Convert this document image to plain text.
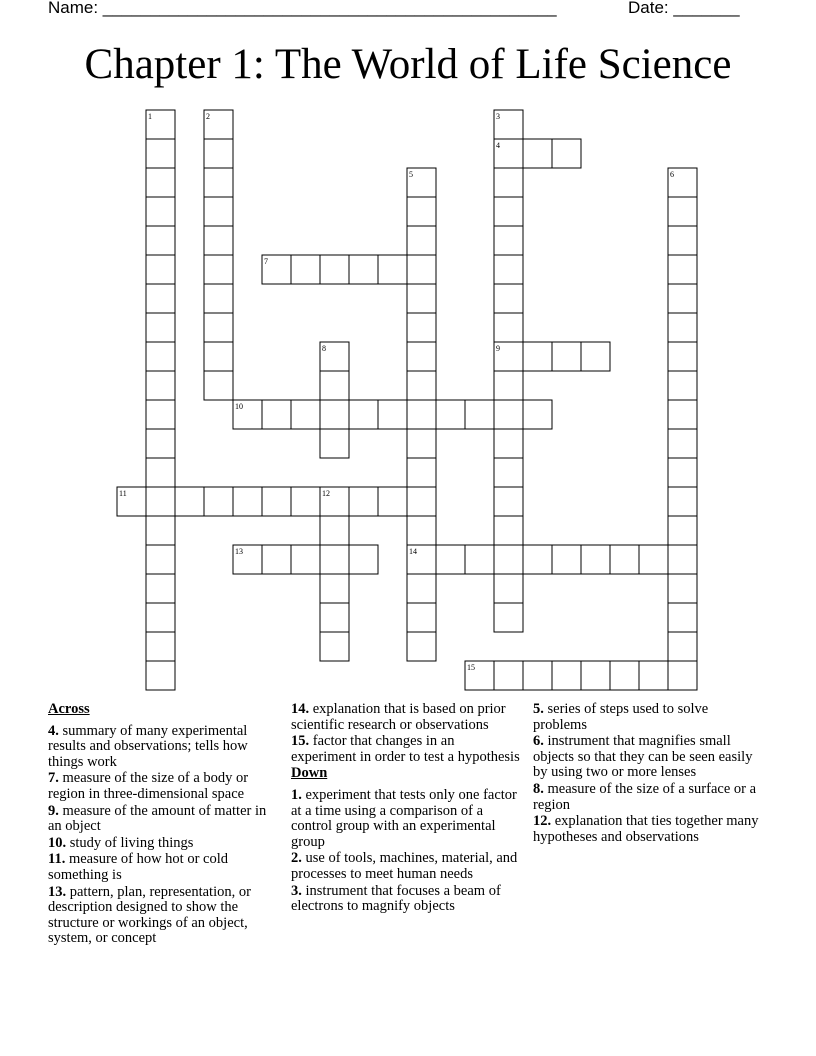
Name: ________________________________________________	Date: _______
Chapter 1: The World of Life Science
1	2	3
4
5	6
7
8	9
10
11	12
13	14
15
Across
4. summary of many experimental results and observations; tells how things work
7. measure of the size of a body or region in three-dimensional space
9. measure of the amount of matter in an object
10. study of living things
11. measure of how hot or cold something is
13. pattern, plan, representation, or description designed to show the structure or workings of an object, system, or concept
14. explanation that is based on prior scientific research or observations
15. factor that changes in an experiment in order to test a hypothesis
Down
1. experiment that tests only one factor at a time using a comparison of a control group with an experimental group
2. use of tools, machines, material, and processes to meet human needs
3. instrument that focuses a beam of electrons to magnify objects
5. series of steps used to solve problems
6. instrument that magnifies small objects so that they can be seen easily by using two or more lenses
8. measure of the size of a surface or a region
12. explanation that ties together many hypotheses and observations
